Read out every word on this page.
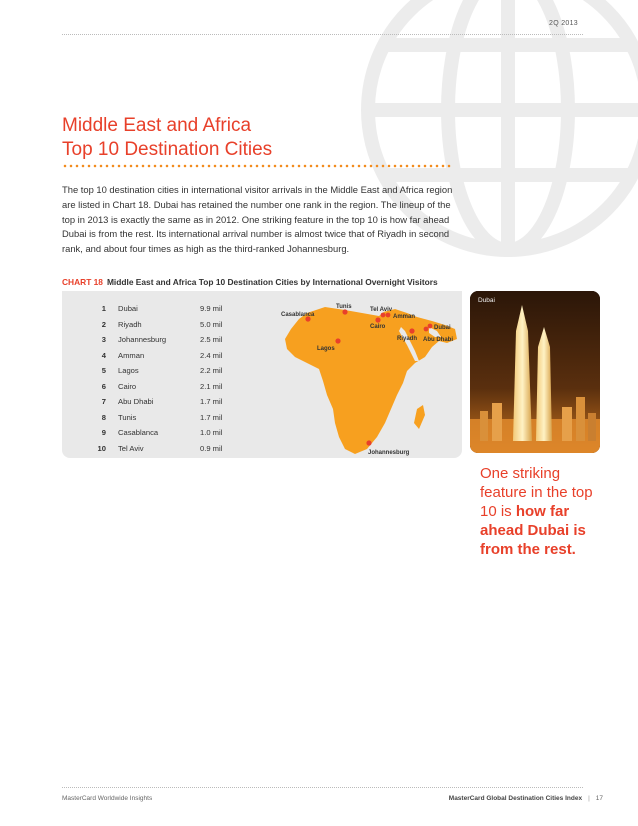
2Q 2013
Middle East and Africa
Top 10 Destination Cities

The top 10 destination cities in international visitor arrivals in the Middle East and Africa region are listed in Chart 18. Dubai has retained the number one rank in the region. The lineup of the top in 2013 is exactly the same as in 2012. One striking feature in the top 10 is how far ahead Dubai is from the rest. Its international arrival number is almost twice that of Riyadh in second rank, and about four times as high as the third-ranked Johannesburg.

CHART 18 Middle East and Africa Top 10 Destination Cities by International Overnight Visitors
1 Dubai	9.9 mil
2 Riyadh	5.0 mil
3 Johannesburg	2.5 mil
4 Amman	2.4 mil
5 Lagos	2.2 mil
6 Cairo	2.1 mil
7 Abu Dhabi	1.7 mil
8 Tunis	1.7 mil
9 Casablanca	1.0 mil
10 Tel Aviv	0.9 mil
Casablanca
Tunis	Tel Aviv
Amman
Cairo
Riyadh
Dubai
Abu Dhabi
Lagos
Johannesburg
Dubai
One striking feature in the top 10 is how far ahead Dubai is from the rest.
MasterCard Worldwide Insights	MasterCard Global Destination Cities Index | 17
